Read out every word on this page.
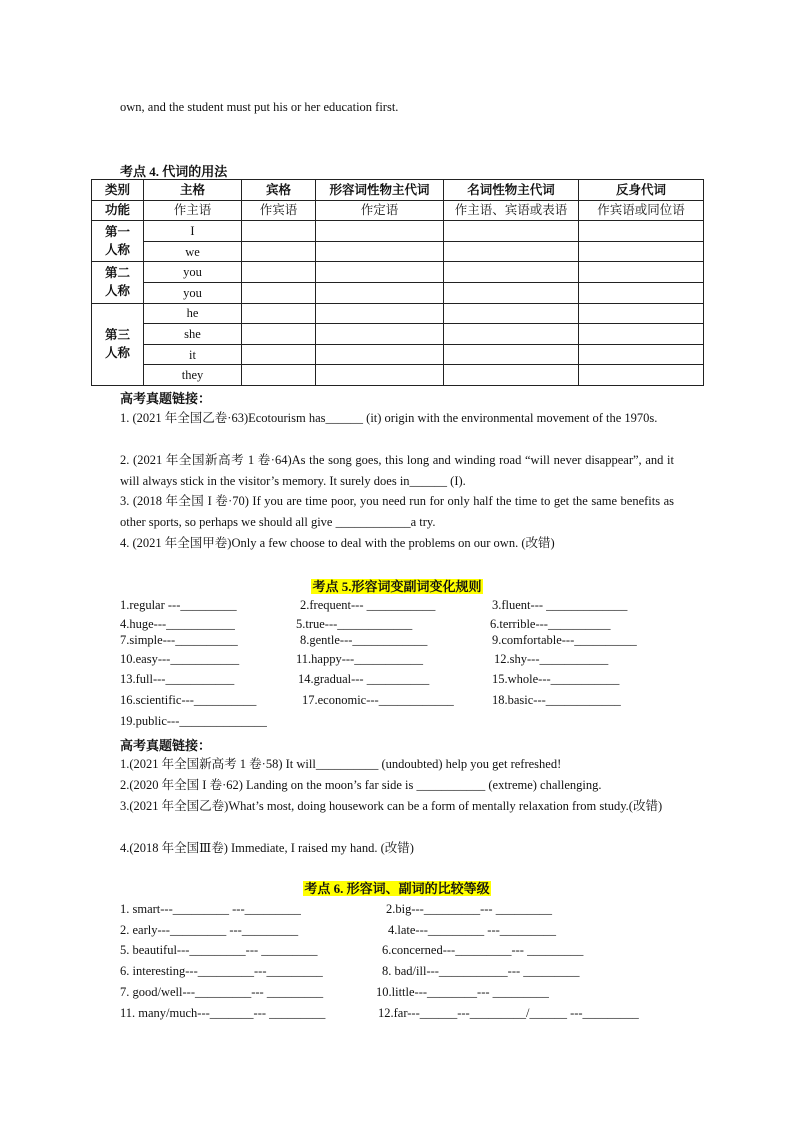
own, and the student must put his or her education first.
考点 4. 代词的用法
类别	主格	宾格	形容词性物主代词	名词性物主代词	反身代词
功能	作主语	作宾语	作定语	作主语、宾语或表语	作宾语或同位语
第一
人称	I				
	we				
第二
人称	you				
	you				
第三
人称	he				
	she				
	it				
	they				
高考真题链接：
1. (2021 年全国乙卷·63)Ecotourism has______ (it) origin with the environmental movement of the 1970s.
2. (2021 年全国新高考 1 卷·64)As the song goes, this long and winding road “will never disappear”, and it will always stick in the visitor’s memory. It surely does in______ (I).
3. (2018 年全国 I 卷·70) If you are time poor, you need run for only half the time to get the same benefits as other sports, so perhaps we should all give ____________a try.
4. (2021 年全国甲卷)Only a few choose to deal with the problems on our own. (改错)
考点 5.形容词变副词变化规则
1.regular ---_________	2.frequent--- ___________	3.fluent--- _____________
4.huge---___________	5.true---____________	6.terrible---__________
7.simple---__________	8.gentle---____________	9.comfortable---__________
10.easy---___________	11.happy---___________	12.shy---___________
13.full---___________	14.gradual--- __________	15.whole---___________
16.scientific---__________	17.economic---____________	18.basic---____________
19.public---______________
高考真题链接：
1.(2021 年全国新高考 1 卷·58) It will__________ (undoubted) help you get refreshed!
2.(2020 年全国 I 卷·62) Landing on the moon’s far side is ___________ (extreme) challenging.
3.(2021 年全国乙卷)What’s most, doing housework can be a form of mentally relaxation from study.(改错)
4.(2018 年全国Ⅲ卷) Immediate, I raised my hand. (改错)
考点 6. 形容词、副词的比较等级
1. smart---_________ ---_________	2.big---_________--- _________
2. early---_________ ---_________	4.late---_________ ---_________
5. beautiful---_________--- _________	6.concerned---_________--- _________
6. interesting---_________---_________	8. bad/ill---___________--- _________
7. good/well---_________--- _________	10.little---________--- _________
11. many/much---_______--- _________	12.far---______---_________/______ ---_________
